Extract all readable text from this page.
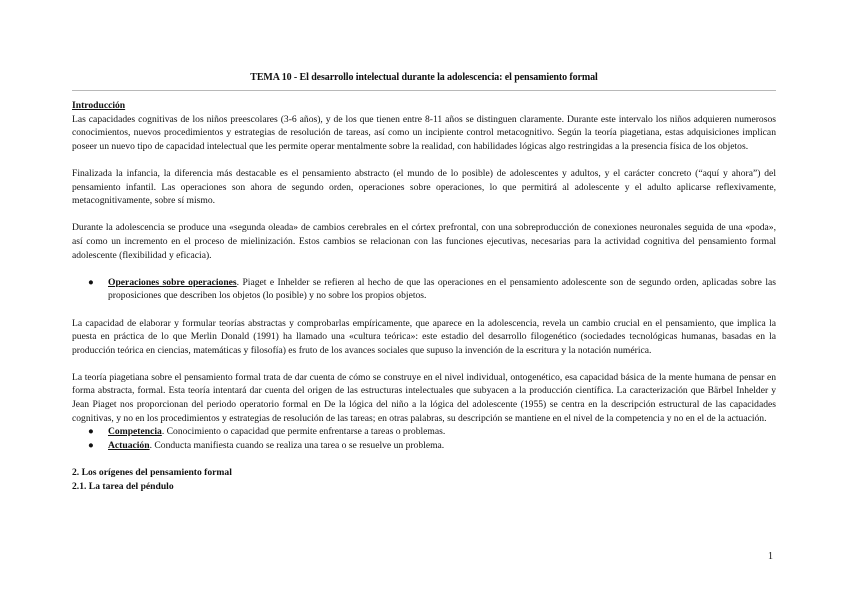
TEMA 10 - El desarrollo intelectual durante la adolescencia: el pensamiento formal

Introducción

Las capacidades cognitivas de los niños preescolares (3-6 años), y de los que tienen entre 8-11 años se distinguen claramente. Durante este intervalo los niños adquieren numerosos conocimientos, nuevos procedimientos y estrategias de resolución de tareas, así como un incipiente control metacognitivo. Según la teoría piagetiana, estas adquisiciones implican poseer un nuevo tipo de capacidad intelectual que les permite operar mentalmente sobre la realidad, con habilidades lógicas algo restringidas a la presencia física de los objetos.

Finalizada la infancia, la diferencia más destacable es el pensamiento abstracto (el mundo de lo posible) de adolescentes y adultos, y el carácter concreto (“aquí y ahora”) del pensamiento infantil. Las operaciones son ahora de segundo orden, operaciones sobre operaciones, lo que permitirá al adolescente y el adulto aplicarse reflexivamente, metacognitivamente, sobre sí mismo.

Durante la adolescencia se produce una «segunda oleada» de cambios cerebrales en el córtex prefrontal, con una sobreproducción de conexiones neuronales seguida de una «poda», así como un incremento en el proceso de mielinización. Estos cambios se relacionan con las funciones ejecutivas, necesarias para la actividad cognitiva del pensamiento formal adolescente (flexibilidad y eficacia).

● Operaciones sobre operaciones. Piaget e Inhelder se refieren al hecho de que las operaciones en el pensamiento adolescente son de segundo orden, aplicadas sobre las proposiciones que describen los objetos (lo posible) y no sobre los propios objetos.

La capacidad de elaborar y formular teorías abstractas y comprobarlas empíricamente, que aparece en la adolescencia, revela un cambio crucial en el pensamiento, que implica la puesta en práctica de lo que Merlin Donald (1991) ha llamado una «cultura teórica»: este estadio del desarrollo filogenético (sociedades tecnológicas humanas, basadas en la producción teórica en ciencias, matemáticas y filosofía) es fruto de los avances sociales que supuso la invención de la escritura y la notación numérica.

La teoría piagetiana sobre el pensamiento formal trata de dar cuenta de cómo se construye en el nivel individual, ontogenético, esa capacidad básica de la mente humana de pensar en forma abstracta, formal. Esta teoría intentará dar cuenta del origen de las estructuras intelectuales que subyacen a la producción científica. La caracterización que Bärbel Inhelder y Jean Piaget nos proporcionan del periodo operatorio formal en De la lógica del niño a la lógica del adolescente (1955) se centra en la descripción estructural de las capacidades cognitivas, y no en los procedimientos y estrategias de resolución de las tareas; en otras palabras, su descripción se mantiene en el nivel de la competencia y no en el de la actuación.

● Competencia. Conocimiento o capacidad que permite enfrentarse a tareas o problemas.
● Actuación. Conducta manifiesta cuando se realiza una tarea o se resuelve un problema.

2. Los orígenes del pensamiento formal

2.1. La tarea del péndulo

1
